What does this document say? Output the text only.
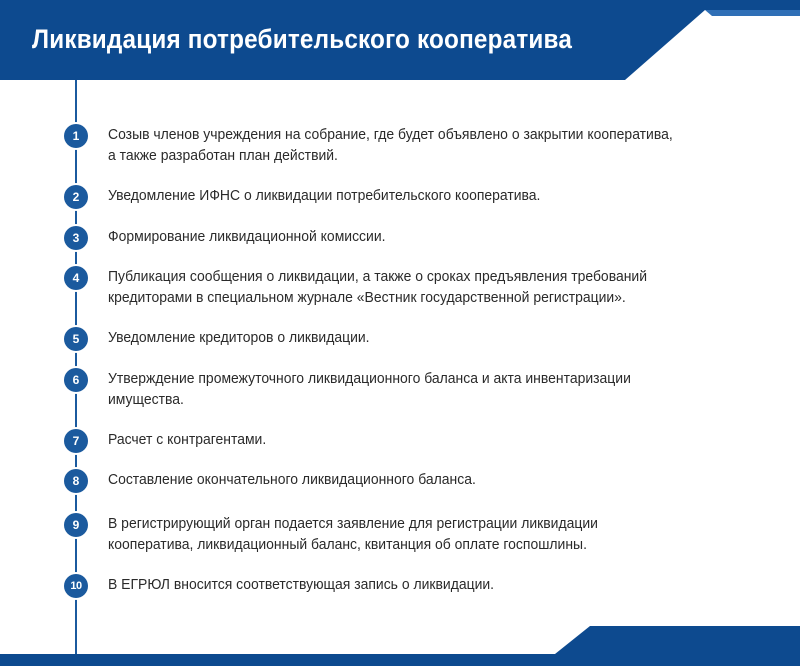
Ликвидация потребительского кооператива
1	Созыв членов учреждения на собрание, где будет объявлено о закрытии кооператива,
а также разработан план действий.
2	Уведомление ИФНС о ликвидации потребительского кооператива.
3	Формирование ликвидационной комиссии.
4	Публикация сообщения о ликвидации, а также о сроках предъявления требований
кредиторами в специальном журнале «Вестник государственной регистрации».
5	Уведомление кредиторов о ликвидации.
6	Утверждение промежуточного ликвидационного баланса и акта инвентаризации
имущества.
7	Расчет с контрагентами.
8	Составление окончательного ликвидационного баланса.
9	В регистрирующий орган подается заявление для регистрации ликвидации
кооператива, ликвидационный баланс, квитанция об оплате госпошлины.
10	В ЕГРЮЛ вносится соответствующая запись о ликвидации.
